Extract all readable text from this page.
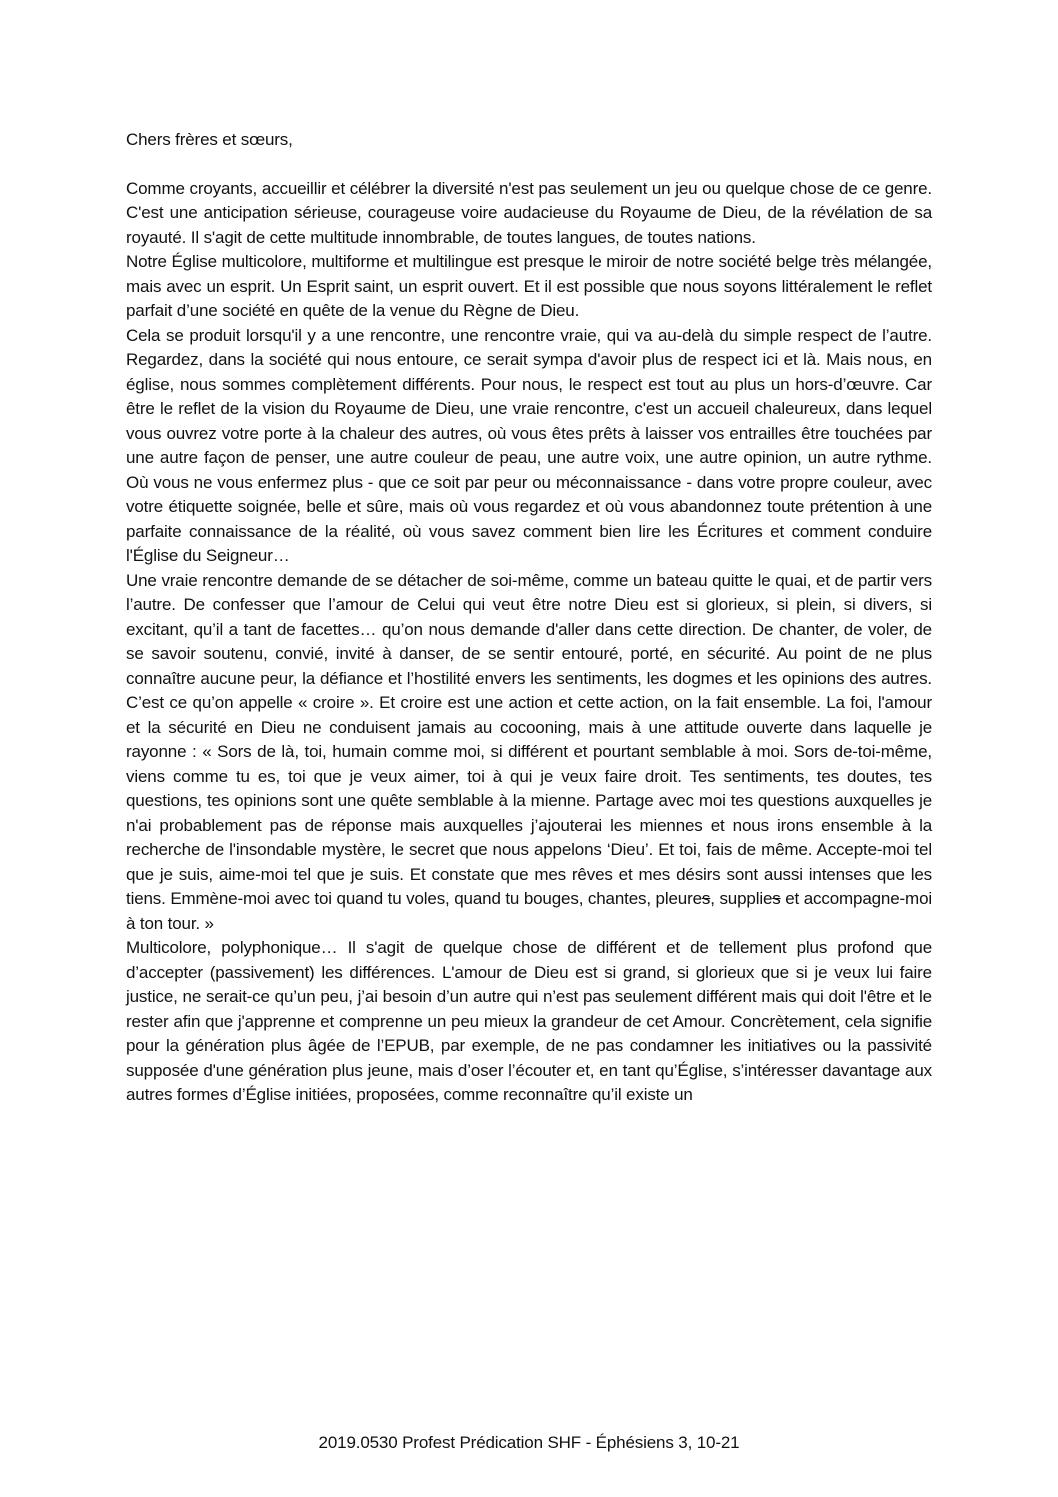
Chers frères et sœurs,

Comme croyants, accueillir et célébrer la diversité n'est pas seulement un jeu ou quelque chose de ce genre. C'est une anticipation sérieuse, courageuse voire audacieuse du Royaume de Dieu, de la révélation de sa royauté. Il s'agit de cette multitude innombrable, de toutes langues, de toutes nations.

Notre Église multicolore, multiforme et multilingue est presque le miroir de notre société belge très mélangée, mais avec un esprit. Un Esprit saint, un esprit ouvert. Et il est possible que nous soyons littéralement le reflet parfait d’une société en quête de la venue du Règne de Dieu.

Cela se produit lorsqu'il y a une rencontre, une rencontre vraie, qui va au-delà du simple respect de l’autre. Regardez, dans la société qui nous entoure, ce serait sympa d'avoir plus de respect ici et là. Mais nous, en église, nous sommes complètement différents. Pour nous, le respect est tout au plus un hors-d’œuvre. Car être le reflet de la vision du Royaume de Dieu, une vraie rencontre, c'est un accueil chaleureux, dans lequel vous ouvrez votre porte à la chaleur des autres, où vous êtes prêts à laisser vos entrailles être touchées par une autre façon de penser, une autre couleur de peau, une autre voix, une autre opinion, un autre rythme. Où vous ne vous enfermez plus - que ce soit par peur ou méconnaissance - dans votre propre couleur, avec votre étiquette soignée, belle et sûre, mais où vous regardez et où vous abandonnez toute prétention à une parfaite connaissance de la réalité, où vous savez comment bien lire les Écritures et comment conduire l'Église du Seigneur…

Une vraie rencontre demande de se détacher de soi-même, comme un bateau quitte le quai, et de partir vers l’autre. De confesser que l’amour de Celui qui veut être notre Dieu est si glorieux, si plein, si divers, si excitant, qu’il a tant de facettes… qu’on nous demande d'aller dans cette direction. De chanter, de voler, de se savoir soutenu, convié, invité à danser, de se sentir entouré, porté, en sécurité. Au point de ne plus connaître aucune peur, la défiance et l’hostilité envers les sentiments, les dogmes et les opinions des autres. C’est ce qu’on appelle « croire ». Et croire est une action et cette action, on la fait ensemble. La foi, l'amour et la sécurité en Dieu ne conduisent jamais au cocooning, mais à une attitude ouverte dans laquelle je rayonne : « Sors de là, toi, humain comme moi, si différent et pourtant semblable à moi. Sors de-toi-même, viens comme tu es, toi que je veux aimer, toi à qui je veux faire droit. Tes sentiments, tes doutes, tes questions, tes opinions sont une quête semblable à la mienne. Partage avec moi tes questions auxquelles je n'ai probablement pas de réponse mais auxquelles j’ajouterai les miennes et nous irons ensemble à la recherche de l'insondable mystère, le secret que nous appelons ‘Dieu’. Et toi, fais de même. Accepte-moi tel que je suis, aime-moi tel que je suis. Et constate que mes rêves et mes désirs sont aussi intenses que les tiens. Emmène-moi avec toi quand tu voles, quand tu bouges, chantes, pleures, supplies et accompagne-moi à ton tour. »

Multicolore, polyphonique… Il s'agit de quelque chose de différent et de tellement plus profond que d’accepter (passivement) les différences. L'amour de Dieu est si grand, si glorieux que si je veux lui faire justice, ne serait-ce qu’un peu, j’ai besoin d’un autre qui n’est pas seulement différent mais qui doit l'être et le rester afin que j'apprenne et comprenne un peu mieux la grandeur de cet Amour. Concrètement, cela signifie pour la génération plus âgée de l’EPUB, par exemple, de ne pas condamner les initiatives ou la passivité supposée d'une génération plus jeune, mais d’oser l’écouter et, en tant qu’Église, s’intéresser davantage aux autres formes d’Église initiées, proposées, comme reconnaître qu’il existe un

2019.0530 Profest Prédication SHF - Éphésiens 3, 10-21
